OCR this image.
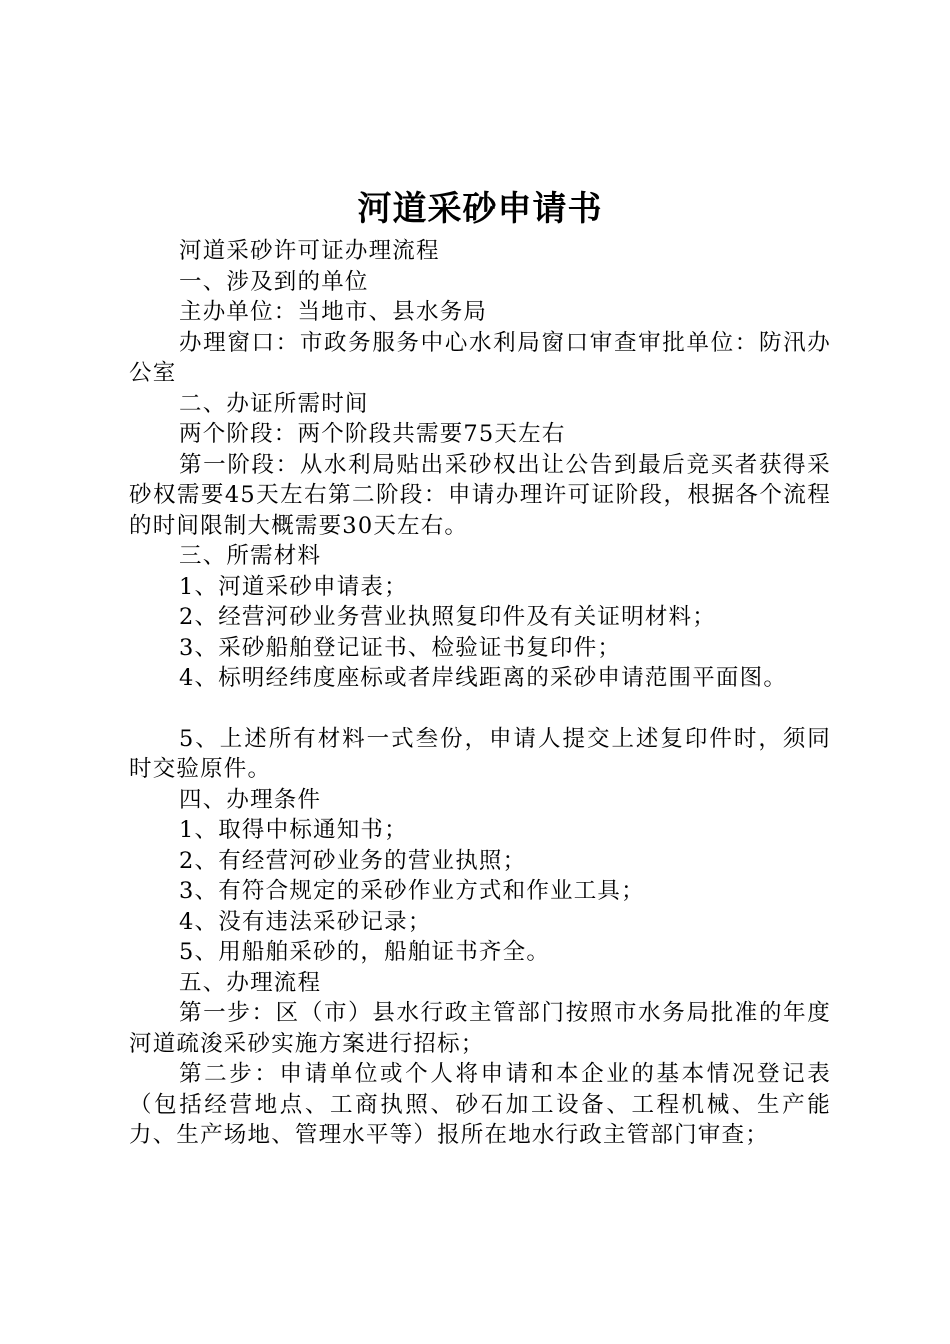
河道采砂申请书

河道采砂许可证办理流程

一、涉及到的单位

主办单位：当地市、县水务局

办理窗口：市政务服务中心水利局窗口审查审批单位：防汛办公室

二、办证所需时间

两个阶段：两个阶段共需要75天左右

第一阶段：从水利局贴出采砂权出让公告到最后竞买者获得采砂权需要45天左右第二阶段：申请办理许可证阶段，根据各个流程的时间限制大概需要30天左右。

三、所需材料

1、河道采砂申请表；

2、经营河砂业务营业执照复印件及有关证明材料；

3、采砂船舶登记证书、检验证书复印件；

4、标明经纬度座标或者岸线距离的采砂申请范围平面图。

5、上述所有材料一式叁份，申请人提交上述复印件时，须同时交验原件。

四、办理条件

1、取得中标通知书；

2、有经营河砂业务的营业执照；

3、有符合规定的采砂作业方式和作业工具；

4、没有违法采砂记录；

5、用船舶采砂的，船舶证书齐全。

五、办理流程

第一步：区（市）县水行政主管部门按照市水务局批准的年度河道疏浚采砂实施方案进行招标；

第二步：申请单位或个人将申请和本企业的基本情况登记表（包括经营地点、工商执照、砂石加工设备、工程机械、生产能力、生产场地、管理水平等）报所在地水行政主管部门审查；
